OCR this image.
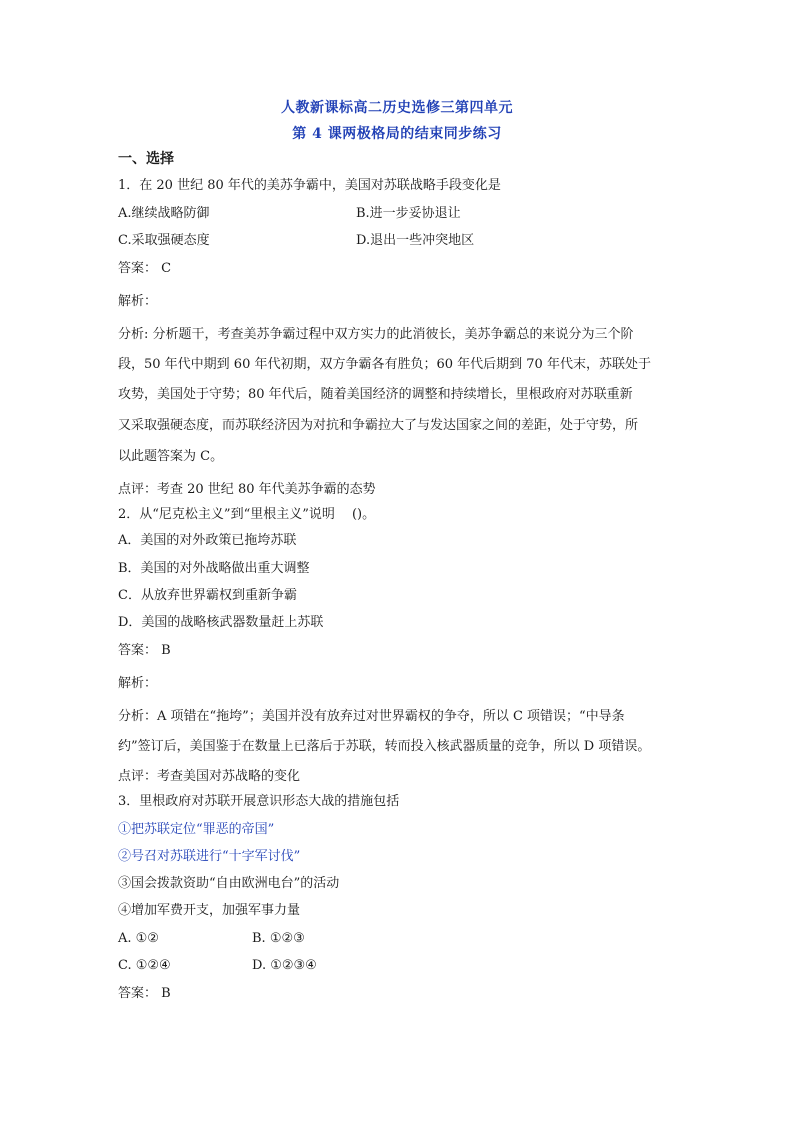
人教新课标高二历史选修三第四单元
第 4 课两极格局的结束同步练习
一、选择
1．在 20 世纪 80 年代的美苏争霸中，美国对苏联战略手段变化是
A.继续战略防御	B.进一步妥协退让
C.采取强硬态度	D.退出一些冲突地区
答案： C
解析：
分析: 分析题干，考查美苏争霸过程中双方实力的此消彼长，美苏争霸总的来说分为三个阶
段，50 年代中期到 60 年代初期，双方争霸各有胜负；60 年代后期到 70 年代末，苏联处于
攻势，美国处于守势；80 年代后，随着美国经济的调整和持续增长，里根政府对苏联重新
又采取强硬态度，而苏联经济因为对抗和争霸拉大了与发达国家之间的差距，处于守势，所
以此题答案为 C。
点评：考查 20 世纪 80 年代美苏争霸的态势
2．从“尼克松主义”到“里根主义”说明　 ()。
A．美国的对外政策已拖垮苏联
B．美国的对外战略做出重大调整
C．从放弃世界霸权到重新争霸
D．美国的战略核武器数量赶上苏联
答案： B
解析：
分析：A 项错在“拖垮”；美国并没有放弃过对世界霸权的争夺，所以 C 项错误；“中导条
约”签订后，美国鉴于在数量上已落后于苏联，转而投入核武器质量的竞争，所以 D 项错误。
点评：考查美国对苏战略的变化
3．里根政府对苏联开展意识形态大战的措施包括
①把苏联定位“罪恶的帝国”
②号召对苏联进行“十字军讨伐”
③国会拨款资助“自由欧洲电台”的活动
④增加军费开支，加强军事力量
A. ①②	B. ①②③
C. ①②④	D. ①②③④
答案： B
